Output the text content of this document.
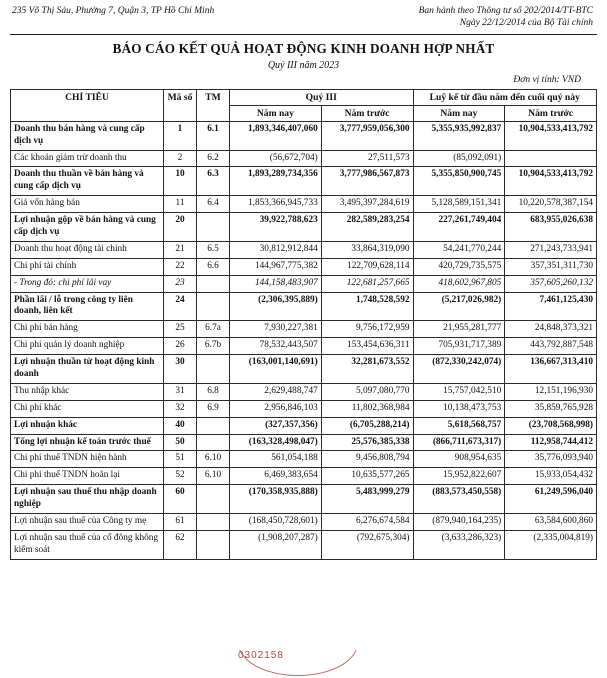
235 Võ Thị Sáu, Phường 7, Quận 3, TP Hồ Chí Minh	Ban hành theo Thông tư số 202/2014/TT-BTC
Ngày 22/12/2014 của Bộ Tài chính
BÁO CÁO KẾT QUẢ HOẠT ĐỘNG KINH DOANH HỢP NHẤT
Quý III năm 2023
Đơn vị tính: VND
CHỈ TIÊU	Mã số	TM	Quý III		Luỹ kế từ đầu năm đến cuối quý này	
			Năm nay	Năm trước	Năm nay	Năm trước
Doanh thu bán hàng và cung cấp dịch vụ	1	6.1	1,893,346,407,060	3,777,959,056,300	5,355,935,992,837	10,904,533,413,792
Các khoản giảm trừ doanh thu	2	6.2	(56,672,704)	27,511,573	(85,092,091)	
Doanh thu thuần về bán hàng và cung cấp dịch vụ	10	6.3	1,893,289,734,356	3,777,986,567,873	5,355,850,900,745	10,904,533,413,792
Giá vốn hàng bán	11	6.4	1,853,366,945,733	3,495,397,284,619	5,128,589,151,341	10,220,578,387,154
Lợi nhuận gộp về bán hàng và cung cấp dịch vụ	20		39,922,788,623	282,589,283,254	227,261,749,404	683,955,026,638
Doanh thu hoạt động tài chính	21	6.5	30,812,912,844	33,864,319,090	54,241,770,244	271,243,733,941
Chi phí tài chính	22	6.6	144,967,775,382	122,709,628,114	420,729,735,575	357,351,311,730
- Trong đó: chi phí lãi vay	23		144,158,483,907	122,681,257,665	418,602,967,805	357,605,260,132
Phần lãi / lỗ trong công ty liên doanh, liên kết	24		(2,306,395,889)	1,748,528,592	(5,217,026,982)	7,461,125,430
Chi phí bán hàng	25	6.7a	7,930,227,381	9,756,172,959	21,955,281,777	24,848,373,321
Chi phí quản lý doanh nghiệp	26	6.7b	78,532,443,507	153,454,636,311	705,931,717,389	443,792,887,548
Lợi nhuận thuần từ hoạt động kinh doanh	30		(163,001,140,691)	32,281,673,552	(872,330,242,074)	136,667,313,410
Thu nhập khác	31	6.8	2,629,488,747	5,097,080,770	15,757,042,510	12,151,196,930
Chi phí khác	32	6.9	2,956,846,103	11,802,368,984	10,138,473,753	35,859,765,928
Lợi nhuận khác	40		(327,357,356)	(6,705,288,214)	5,618,568,757	(23,708,568,998)
Tổng lợi nhuận kế toán trước thuế	50		(163,328,498,047)	25,576,385,338	(866,711,673,317)	112,958,744,412
Chi phí thuế TNDN hiện hành	51	6.10	561,054,188	9,456,808,794	908,954,635	35,776,093,940
Chi phí thuế TNDN hoãn lại	52	6.10	6,469,383,654	10,635,577,265	15,952,822,607	15,933,054,432
Lợi nhuận sau thuế thu nhập doanh nghiệp	60		(170,358,935,888)	5,483,999,279	(883,573,450,558)	61,249,596,040
Lợi nhuận sau thuế của Công ty mẹ	61		(168,450,728,601)	6,276,674,584	(879,940,164,235)	63,584,600,860
Lợi nhuận sau thuế của cổ đông không kiểm soát	62		(1,908,207,287)	(792,675,304)	(3,633,286,323)	(2,335,004,819)
0302158
